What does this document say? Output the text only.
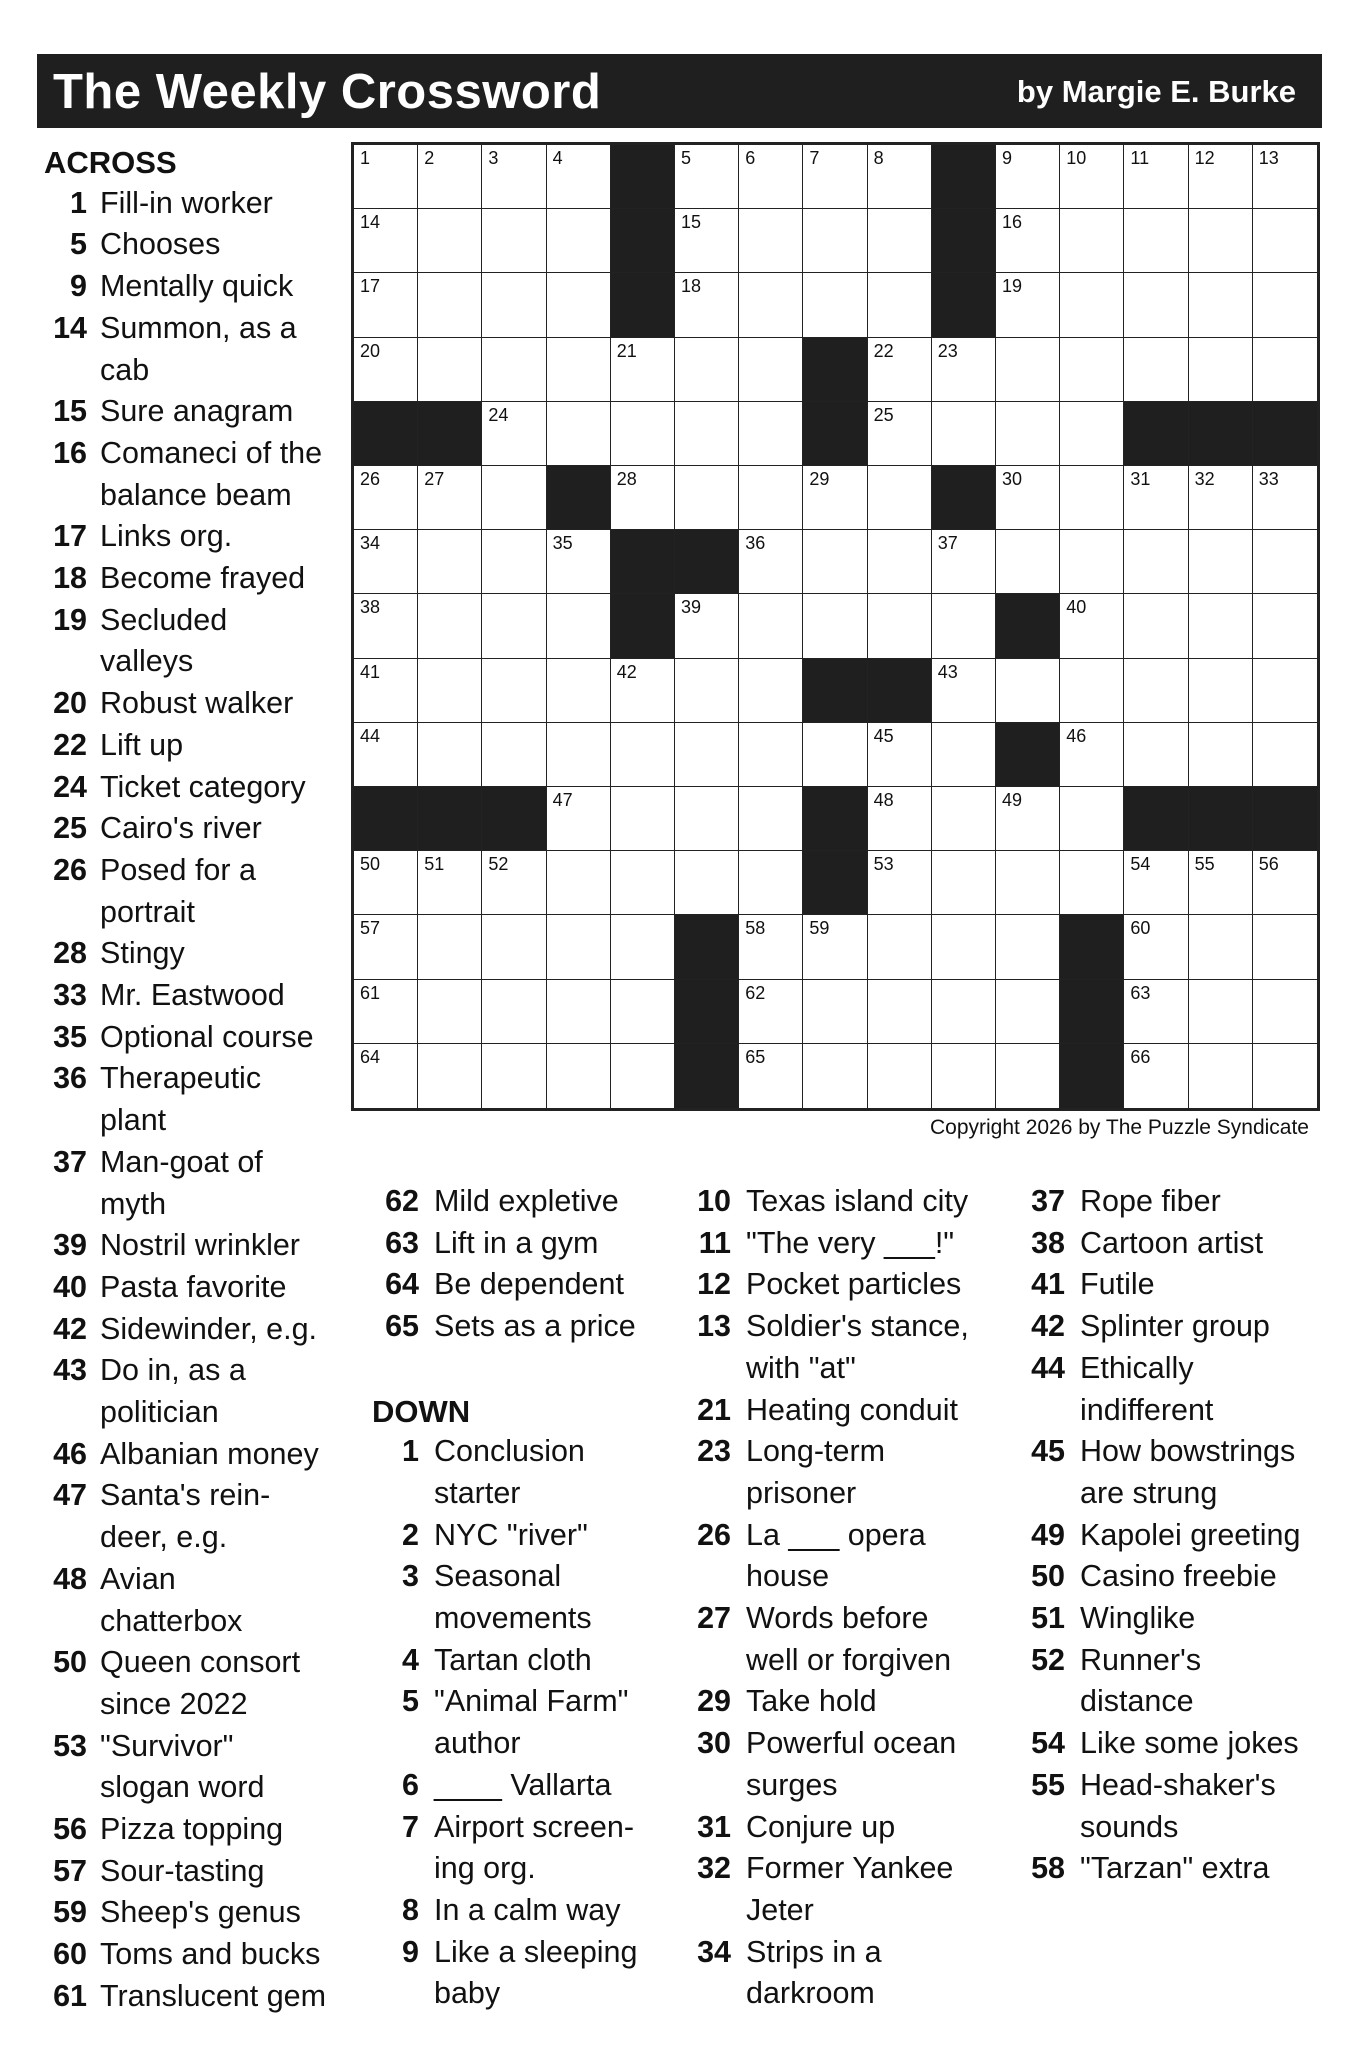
The Weekly Crossword	by Margie E. Burke
1	2	3	4	5	6	7	8	9	10 11	12 13
14	15	16
17	18	19
20	21	22 23
24	25
26 27	28	29	30	31 32 33
34	35	36	37
38	39	40
41	42	43
44	45	46
47	48	49
50 51 52	53	54 55 56
57	58 59	60
61	62	63
64	65	66
Copyright 2026 by The Puzzle Syndicate
ACROSS
1 Fill-in worker
5 Chooses
9 Mentally quick
14 Summon, as a
cab
15 Sure anagram
16 Comaneci of the
balance beam
17 Links org.
18 Become frayed
19 Secluded
valleys
20 Robust walker
22 Lift up
24 Ticket category
25 Cairo's river
26 Posed for a
portrait
28 Stingy
33 Mr. Eastwood
35 Optional course
36 Therapeutic
plant
37 Man-goat of
myth
39 Nostril wrinkler
40 Pasta favorite
42 Sidewinder, e.g.
43 Do in, as a
politician
46 Albanian money
47 Santa's rein-
deer, e.g.
48 Avian
chatterbox
50 Queen consort
since 2022
53 "Survivor"
slogan word
56 Pizza topping
57 Sour-tasting
59 Sheep's genus
60 Toms and bucks
61 Translucent gem
62 Mild expletive
63 Lift in a gym
64 Be dependent
65 Sets as a price
DOWN
1 Conclusion
starter
2 NYC "river"
3 Seasonal
movements
4 Tartan cloth
5 "Animal Farm"
author
6 ____ Vallarta
7 Airport screen-
ing org.
8 In a calm way
9 Like a sleeping
baby
10 Texas island city
11 "The very ___!"
12 Pocket particles
13 Soldier's stance,
with "at"
21 Heating conduit
23 Long-term
prisoner
26 La ___ opera
house
27 Words before
well or forgiven
29 Take hold
30 Powerful ocean
surges
31 Conjure up
32 Former Yankee
Jeter
34 Strips in a
darkroom
37 Rope fiber
38 Cartoon artist
41 Futile
42 Splinter group
44 Ethically
indifferent
45 How bowstrings
are strung
49 Kapolei greeting
50 Casino freebie
51 Winglike
52 Runner's
distance
54 Like some jokes
55 Head-shaker's
sounds
58 "Tarzan" extra
